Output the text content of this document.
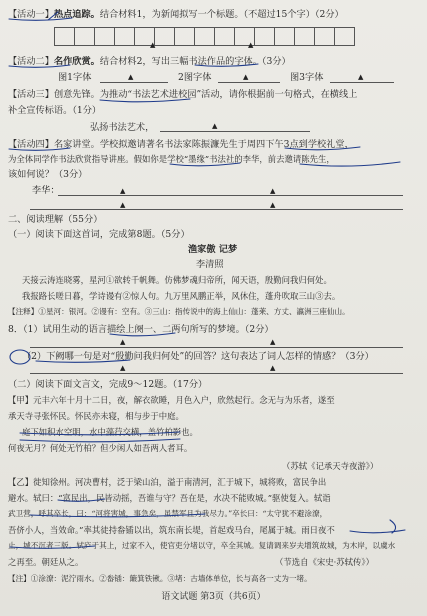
【活动一】热点追踪。结合材料1，为新闻拟写一个标题。（不超过15个字）（2分）
▲	▲
【活动二】名作欣赏。结合材料2，写出三幅书法作品的字体。（3分）
图1字体	▲	2图字体	▲	图3字体	▲
【活动三】创意先锋。为推动“书法艺术进校园”活动，请你根据前一句格式，在横线上
补全宣传标语。（1分）
弘扬书法艺术，	▲
【活动四】名家讲堂。学校拟邀请著名书法家陈振濂先生于周四下午3点到学校礼堂，
为全体同学作书法欣赏指导讲座。假如你是学校“墨缘”书法社的李华，前去邀请陈先生，
该如何说？（3分）
李华：	▲	▲
▲	▲
二、阅读理解（55分）
（一）阅读下面这首词，完成第8题。（5分）
渔家傲 记梦
李清照
天接云涛连晓雾，星河①欲转千帆舞。仿佛梦魂归帝所，闻天语，殷勤问我归何处。
我报路长嗟日暮，学诗谩有②惊人句。九万里风鹏正举，风休住，蓬舟吹取三山③去。
【注释】①星河：银河。②谩有：空有。③三山：指传说中的海上仙山：蓬莱、方丈、瀛洲三座仙山。
8．（1）试用生动的语言描绘上阕一、二两句所写的梦境。（2分）
▲	▲
（2）下阙哪一句是对“殷勤问我归何处”的回答？这句表达了词人怎样的情感？（3分）
▲	▲
（二）阅读下面文言文，完成9～12题。（17分）
【甲】元丰六年十月十二日，夜，解衣欲睡，月色入户，欣然起行。念无与为乐者，遂至
承天寺寻张怀民。怀民亦未寝，相与步于中庭。
庭下如积水空明，水中藻荇交横，盖竹柏影也。
何夜无月？何处无竹柏？但少闲人如吾两人者耳。
（苏轼《记承天寺夜游》）
【乙】徙知徐州。河决曹村，泛于梁山泊，溢于南清河，汇于城下，城将败，富民争出
避水。轼曰：“富民出，民皆动摇，吾谁与守？吾在是，水决不能败城。”驱使复入。轼诣
武卫营，呼其卒长，曰：“河将害城，事急矣，虽禁军且为我尽力。”卒长曰：“太守犹不避涂潦，
吾侪小人，当效命。”率其徒持畚锸以出，筑东南长堤，首起戏马台，尾属于城。雨日夜不
止，城不沉者三版。轼庐于其上，过家不入，使官吏分堵以守，卒全其城。复请调来岁夫增筑故城，为木岸，以虞水
之再至。朝廷从之。	（节选自《宋史·苏轼传》）
【注】①涂潦：泥泞雨水。②畚锸：簸箕铁锹。③堵：古墙体单位，长与高各一丈为一堵。
语文试题 第3页（共6页）
